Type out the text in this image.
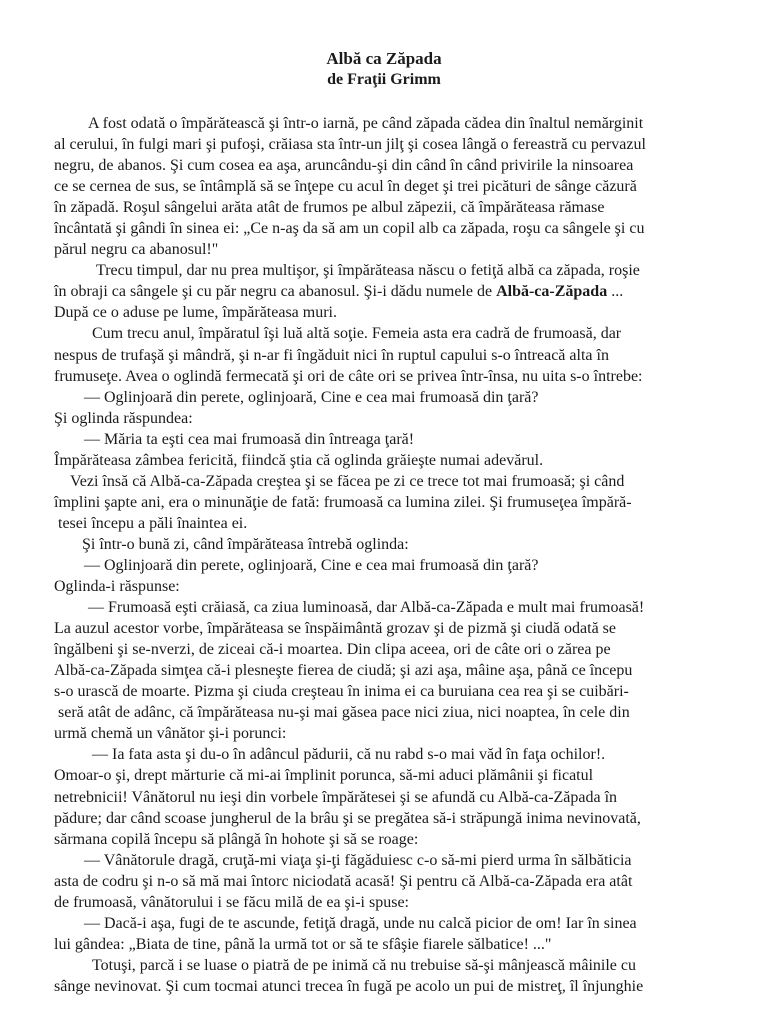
Albă ca Zăpada
de Fraţii Grimm
A fost odată o împărătească şi într-o iarnă, pe când zăpada cădea din înaltul nemărginit
al cerului, în fulgi mari şi pufoşi, crăiasa sta într-un jilţ şi cosea lângă o fereastră cu pervazul
negru, de abanos. Şi cum cosea ea aşa, aruncându-şi din când în când privirile la ninsoarea
ce se cernea de sus, se întâmplă să se înţepe cu acul în deget şi trei picături de sânge căzură
în zăpadă. Roşul sângelui arăta atât de frumos pe albul zăpezii, că împărăteasa rămase
încântată şi gândi în sinea ei: „Ce n-aş da să am un copil alb ca zăpada, roşu ca sângele şi cu
părul negru ca abanosul!"
Trecu timpul, dar nu prea multişor, şi împărăteasa născu o fetiţă albă ca zăpada, roşie
în obraji ca sângele şi cu păr negru ca abanosul. Şi-i dădu numele de Albă-ca-Zăpada ...
După ce o aduse pe lume, împărăteasa muri.
Cum trecu anul, împăratul îşi luă altă soţie. Femeia asta era cadră de frumoasă, dar
nespus de trufaşă şi mândră, şi n-ar fi îngăduit nici în ruptul capului s-o întreacă alta în
frumuseţe. Avea o oglindă fermecată şi ori de câte ori se privea într-însa, nu uita s-o întrebe:
— Oglinjoară din perete, oglinjoară, Cine e cea mai frumoasă din ţară?
Şi oglinda răspundea:
— Măria ta eşti cea mai frumoasă din întreaga ţară!
Împărăteasa zâmbea fericită, fiindcă ştia că oglinda grăieşte numai adevărul.
Vezi însă că Albă-ca-Zăpada creştea şi se făcea pe zi ce trece tot mai frumoasă; şi când
împlini şapte ani, era o minunăţie de fată: frumoasă ca lumina zilei. Şi frumuseţea împără-
tesei începu a păli înaintea ei.
Şi într-o bună zi, când împărăteasa întrebă oglinda:
— Oglinjoară din perete, oglinjoară, Cine e cea mai frumoasă din ţară?
Oglinda-i răspunse:
— Frumoasă eşti crăiasă, ca ziua luminoasă, dar Albă-ca-Zăpada e mult mai frumoasă!
La auzul acestor vorbe, împărăteasa se înspăimântă grozav şi de pizmă şi ciudă odată se
îngălbeni şi se-nverzi, de ziceai că-i moartea. Din clipa aceea, ori de câte ori o zărea pe
Albă-ca-Zăpada simţea că-i plesneşte fierea de ciudă; şi azi aşa, mâine aşa, până ce începu
s-o urască de moarte. Pizma şi ciuda creşteau în inima ei ca buruiana cea rea şi se cuibări-
seră atât de adânc, că împărăteasa nu-şi mai găsea pace nici ziua, nici noaptea, în cele din
urmă chemă un vânător şi-i porunci:
— Ia fata asta şi du-o în adâncul pădurii, că nu rabd s-o mai văd în faţa ochilor!.
Omoar-o şi, drept mărturie că mi-ai împlinit porunca, să-mi aduci plămânii şi ficatul
netrebnicii! Vânătorul nu ieşi din vorbele împărătesei şi se afundă cu Albă-ca-Zăpada în
pădure; dar când scoase jungherul de la brâu şi se pregătea să-i străpungă inima nevinovată,
sărmana copilă începu să plângă în hohote şi să se roage:
— Vânătorule dragă, cruţă-mi viaţa şi-ţi făgăduiesc c-o să-mi pierd urma în sălbăticia
asta de codru şi n-o să mă mai întorc niciodată acasă! Şi pentru că Albă-ca-Zăpada era atât
de frumoasă, vânătorului i se făcu milă de ea şi-i spuse:
— Dacă-i aşa, fugi de te ascunde, fetiţă dragă, unde nu calcă picior de om! Iar în sinea
lui gândea: „Biata de tine, până la urmă tot or să te sfâşie fiarele sălbatice! ..."
Totuşi, parcă i se luase o piatră de pe inimă că nu trebuise să-şi mânjească mâinile cu
sânge nevinovat. Şi cum tocmai atunci trecea în fugă pe acolo un pui de mistreţ, îl înjunghie
